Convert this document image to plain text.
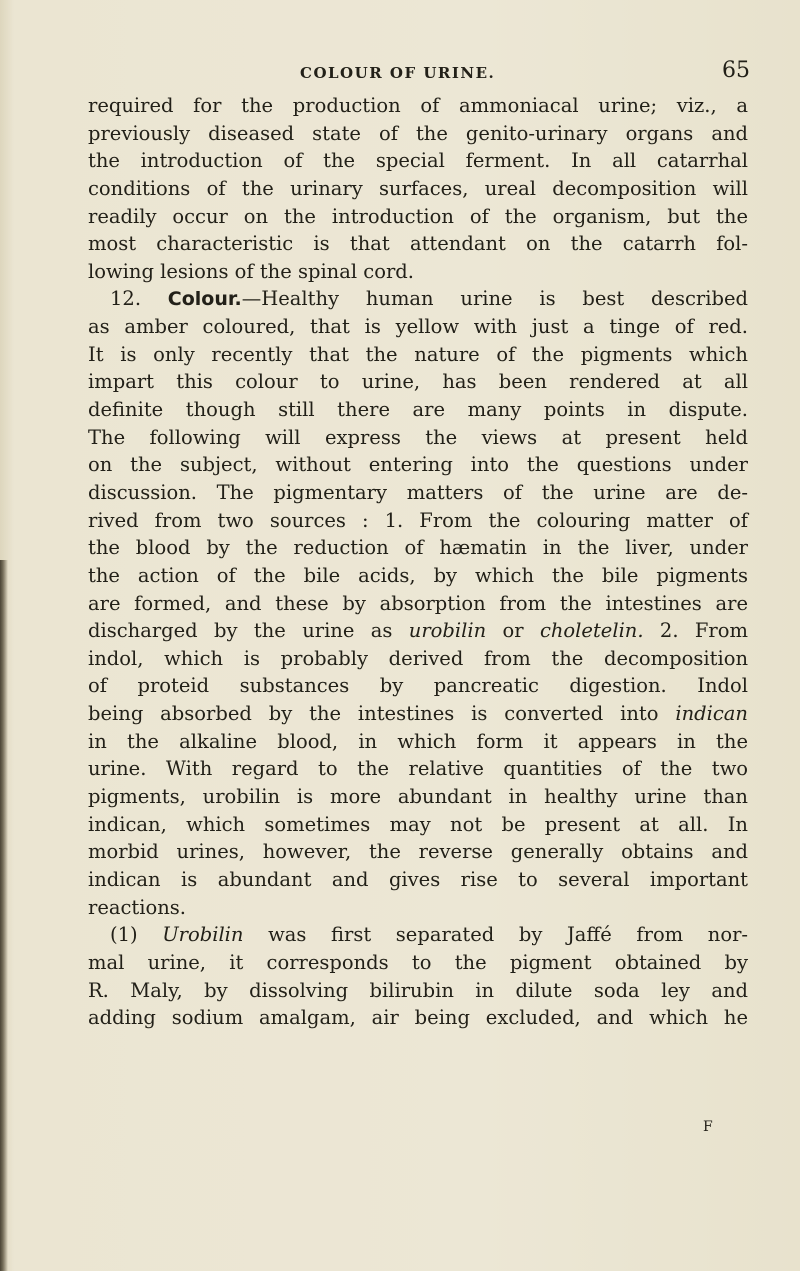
COLOUR OF URINE.	65
required for the production of ammoniacal urine; viz., a
previously diseased state of the genito-urinary organs and
the introduction of the special ferment. In all catarrhal
conditions of the urinary surfaces, ureal decomposition will
readily occur on the introduction of the organism, but the
most characteristic is that attendant on the catarrh fol-
lowing lesions of the spinal cord.
12. Colour.—Healthy human urine is best described
as amber coloured, that is yellow with just a tinge of red.
It is only recently that the nature of the pigments which
impart this colour to urine, has been rendered at all
definite though still there are many points in dispute.
The following will express the views at present held
on the subject, without entering into the questions under
discussion. The pigmentary matters of the urine are de-
rived from two sources : 1. From the colouring matter of
the blood by the reduction of hæmatin in the liver, under
the action of the bile acids, by which the bile pigments
are formed, and these by absorption from the intestines are
discharged by the urine as urobilin or choletelin. 2. From
indol, which is probably derived from the decomposition
of proteid substances by pancreatic digestion. Indol
being absorbed by the intestines is converted into indican
in the alkaline blood, in which form it appears in the
urine. With regard to the relative quantities of the two
pigments, urobilin is more abundant in healthy urine than
indican, which sometimes may not be present at all. In
morbid urines, however, the reverse generally obtains and
indican is abundant and gives rise to several important
reactions.
(1) Urobilin was first separated by Jaffé from nor-
mal urine, it corresponds to the pigment obtained by
R. Maly, by dissolving bilirubin in dilute soda ley and
adding sodium amalgam, air being excluded, and which he
F
